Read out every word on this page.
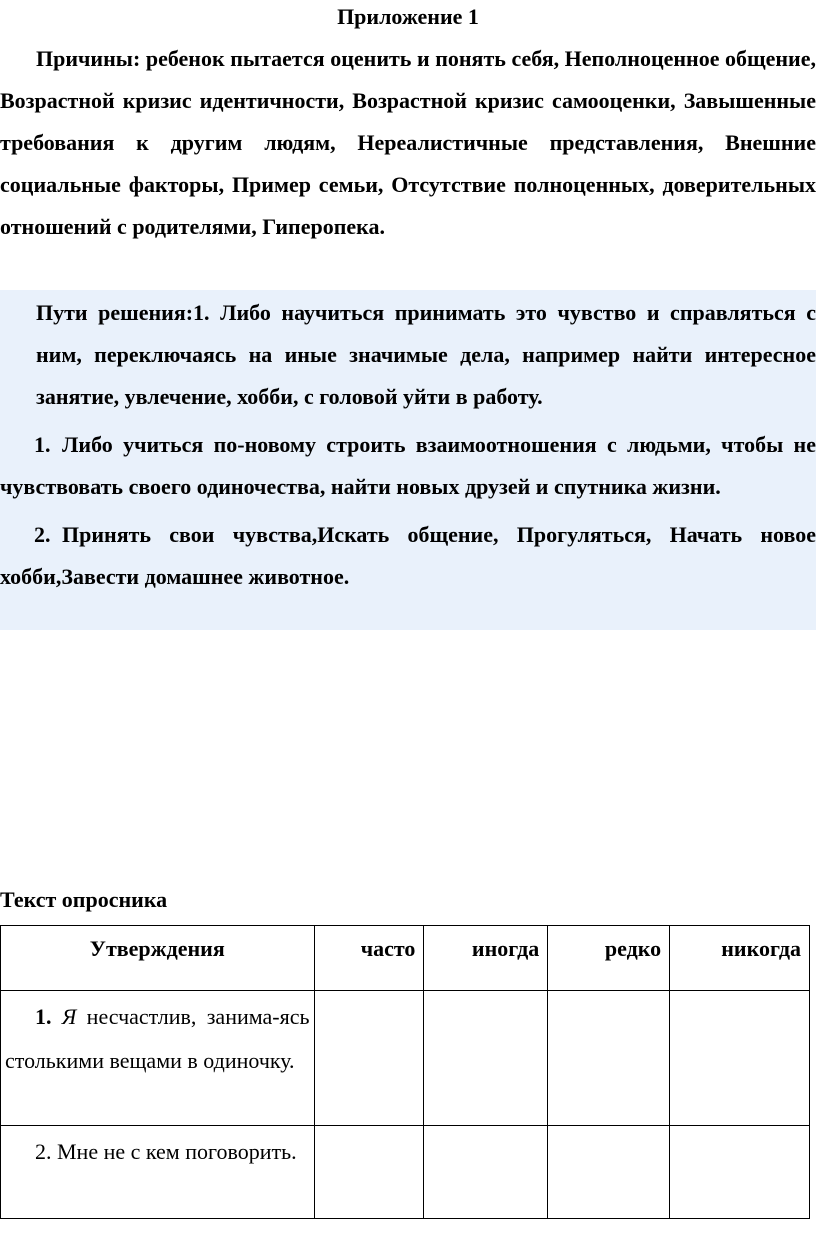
Приложение 1

Причины: ребенок пытается оценить и понять себя, Неполноценное общение, Возрастной кризис идентичности, Возрастной кризис самооценки, Завышенные требования к другим людям, Нереалистичные представления, Внешние социальные факторы, Пример семьи, Отсутствие полноценных, доверительных отношений с родителями, Гиперопека.

Пути решения:1. Либо научиться принимать это чувство и справляться с ним, переключаясь на иные значимые дела, например найти интересное занятие, увлечение, хобби, с головой уйти в работу.

1. Либо учиться по-новому строить взаимоотношения с людьми, чтобы не чувствовать своего одиночества, найти новых друзей и спутника жизни.

2. Принять свои чувства,Искать общение, Прогуляться, Начать новое хобби,Завести домашнее животное.

Текст опросника
Утверждения	часто	иногда	редко	никогда

1. Я несчастлив, занима-ясь столькими вещами в одиночку.				

2. Мне не с кем поговорить.				
